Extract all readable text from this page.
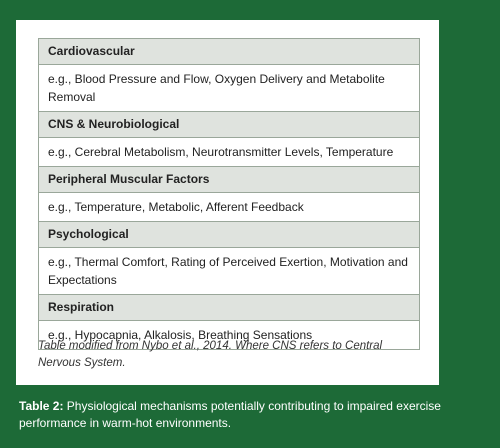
Cardiovascular
e.g., Blood Pressure and Flow, Oxygen Delivery and Metabolite Removal
CNS & Neurobiological
e.g., Cerebral Metabolism, Neurotransmitter Levels, Temperature
Peripheral Muscular Factors
e.g., Temperature, Metabolic, Afferent Feedback
Psychological
e.g., Thermal Comfort, Rating of Perceived Exertion, Motivation and Expectations
Respiration
e.g., Hypocapnia, Alkalosis, Breathing Sensations
Table modified from Nybo et al., 2014. Where CNS refers to Central Nervous System.
Table 2: Physiological mechanisms potentially contributing to impaired exercise performance in warm-hot environments.
